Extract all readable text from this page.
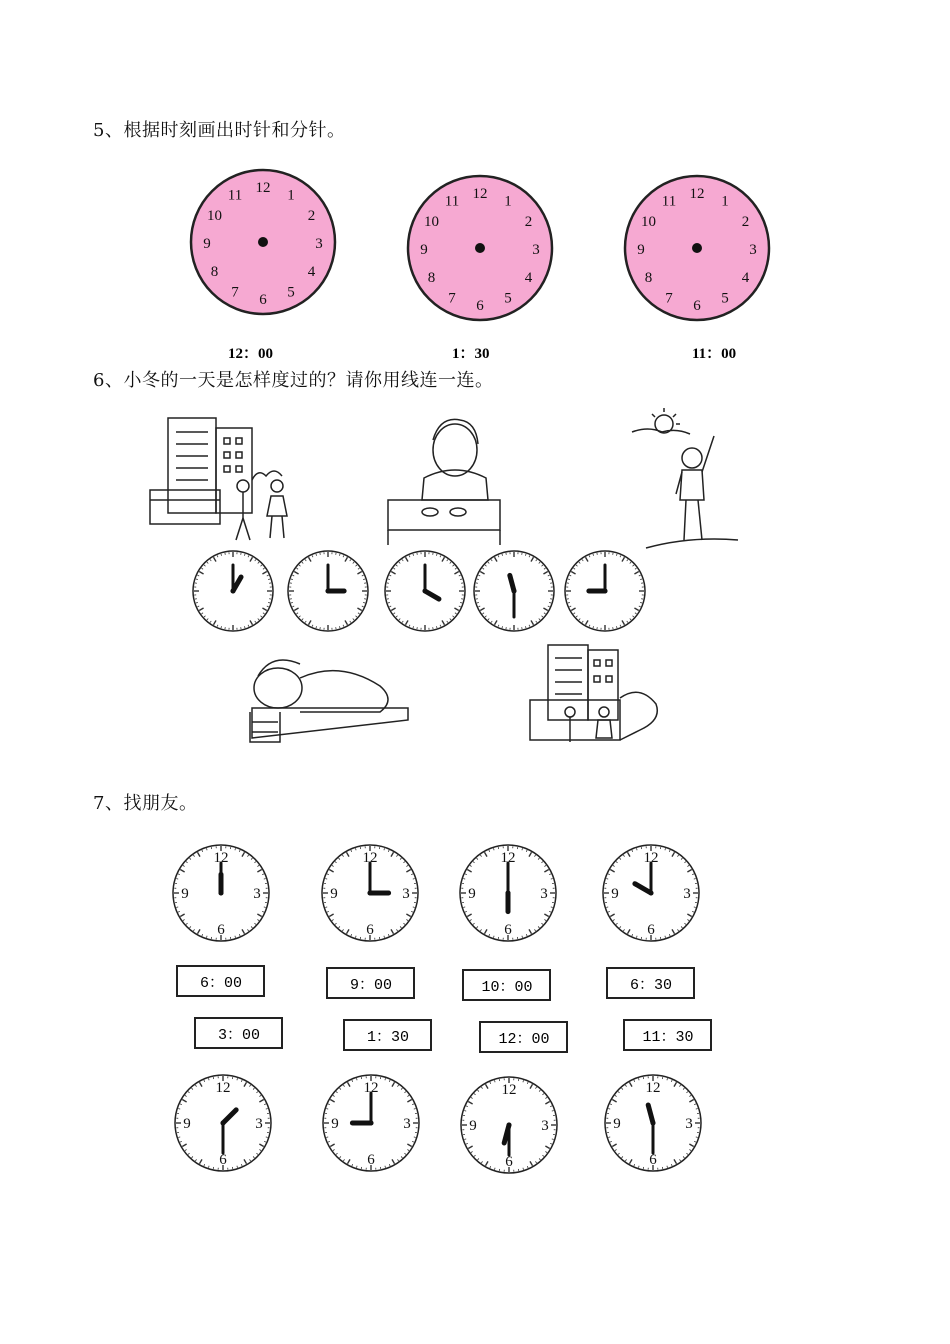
5、根据时刻画出时针和分针。
6、小冬的一天是怎样度过的？请你用线连一连。
7、找朋友。
12 1
2
3
4
5
6
7
8
9
10
11	12 1
2
3
4
5
6
7
8
9
10
11	12 1
2
3
4
5
6
7
8
9
10
11
12：00	1：30	11：00
12
3
6
9
12
3
6
9
12
3
6
9
12
3
6
9
6：00	9：00	10：00	6：30
3：00	1：30	12：00	11：30
12
3
6
9
12
3
6
9
12
3
6
9
12
3
6
9
